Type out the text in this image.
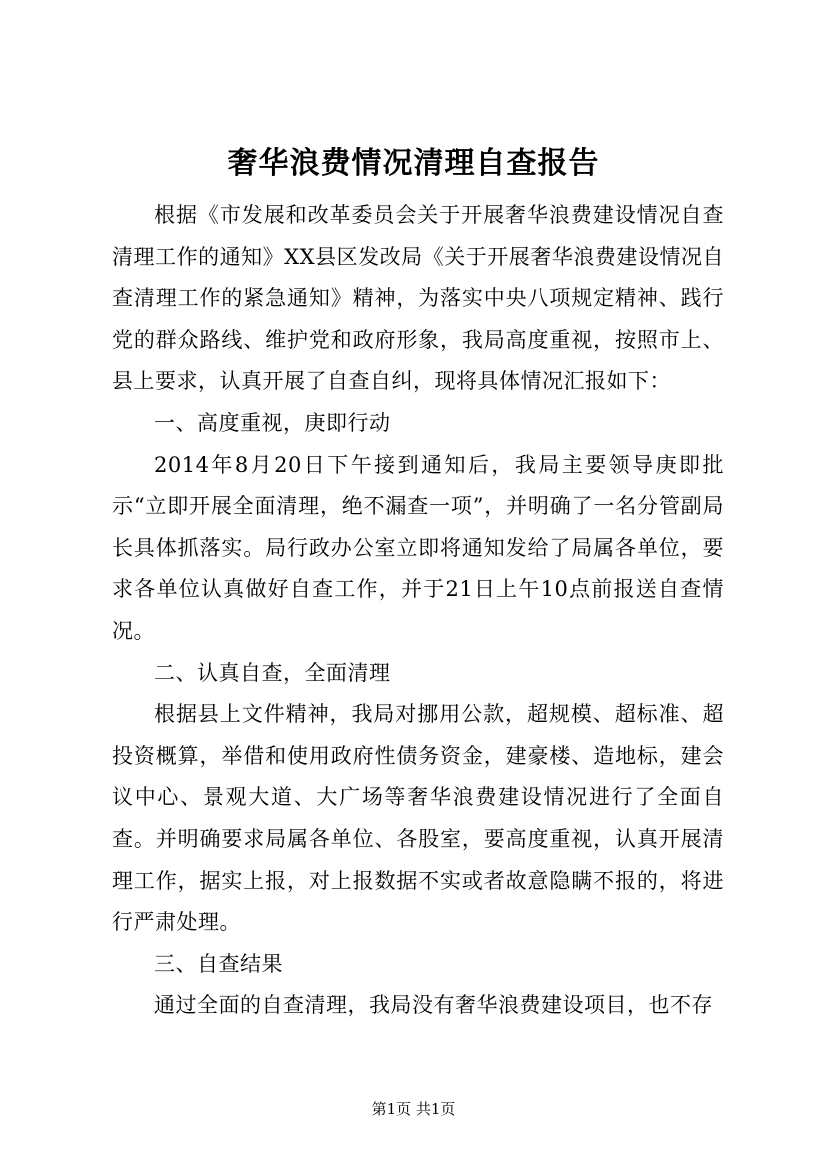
奢华浪费情况清理自查报告

根据《市发展和改革委员会关于开展奢华浪费建设情况自查清理工作的通知》XX县区发改局《关于开展奢华浪费建设情况自查清理工作的紧急通知》精神，为落实中央八项规定精神、践行党的群众路线、维护党和政府形象，我局高度重视，按照市上、县上要求，认真开展了自查自纠，现将具体情况汇报如下：

一、高度重视，庚即行动

2014年8月20日下午接到通知后，我局主要领导庚即批示“立即开展全面清理，绝不漏查一项”，并明确了一名分管副局长具体抓落实。局行政办公室立即将通知发给了局属各单位，要求各单位认真做好自查工作，并于21日上午10点前报送自查情况。

二、认真自查，全面清理

根据县上文件精神，我局对挪用公款，超规模、超标准、超投资概算，举借和使用政府性债务资金，建豪楼、造地标，建会议中心、景观大道、大广场等奢华浪费建设情况进行了全面自查。并明确要求局属各单位、各股室，要高度重视，认真开展清理工作，据实上报，对上报数据不实或者故意隐瞒不报的，将进行严肃处理。

三、自查结果

通过全面的自查清理，我局没有奢华浪费建设项目，也不存

第1页 共1页
